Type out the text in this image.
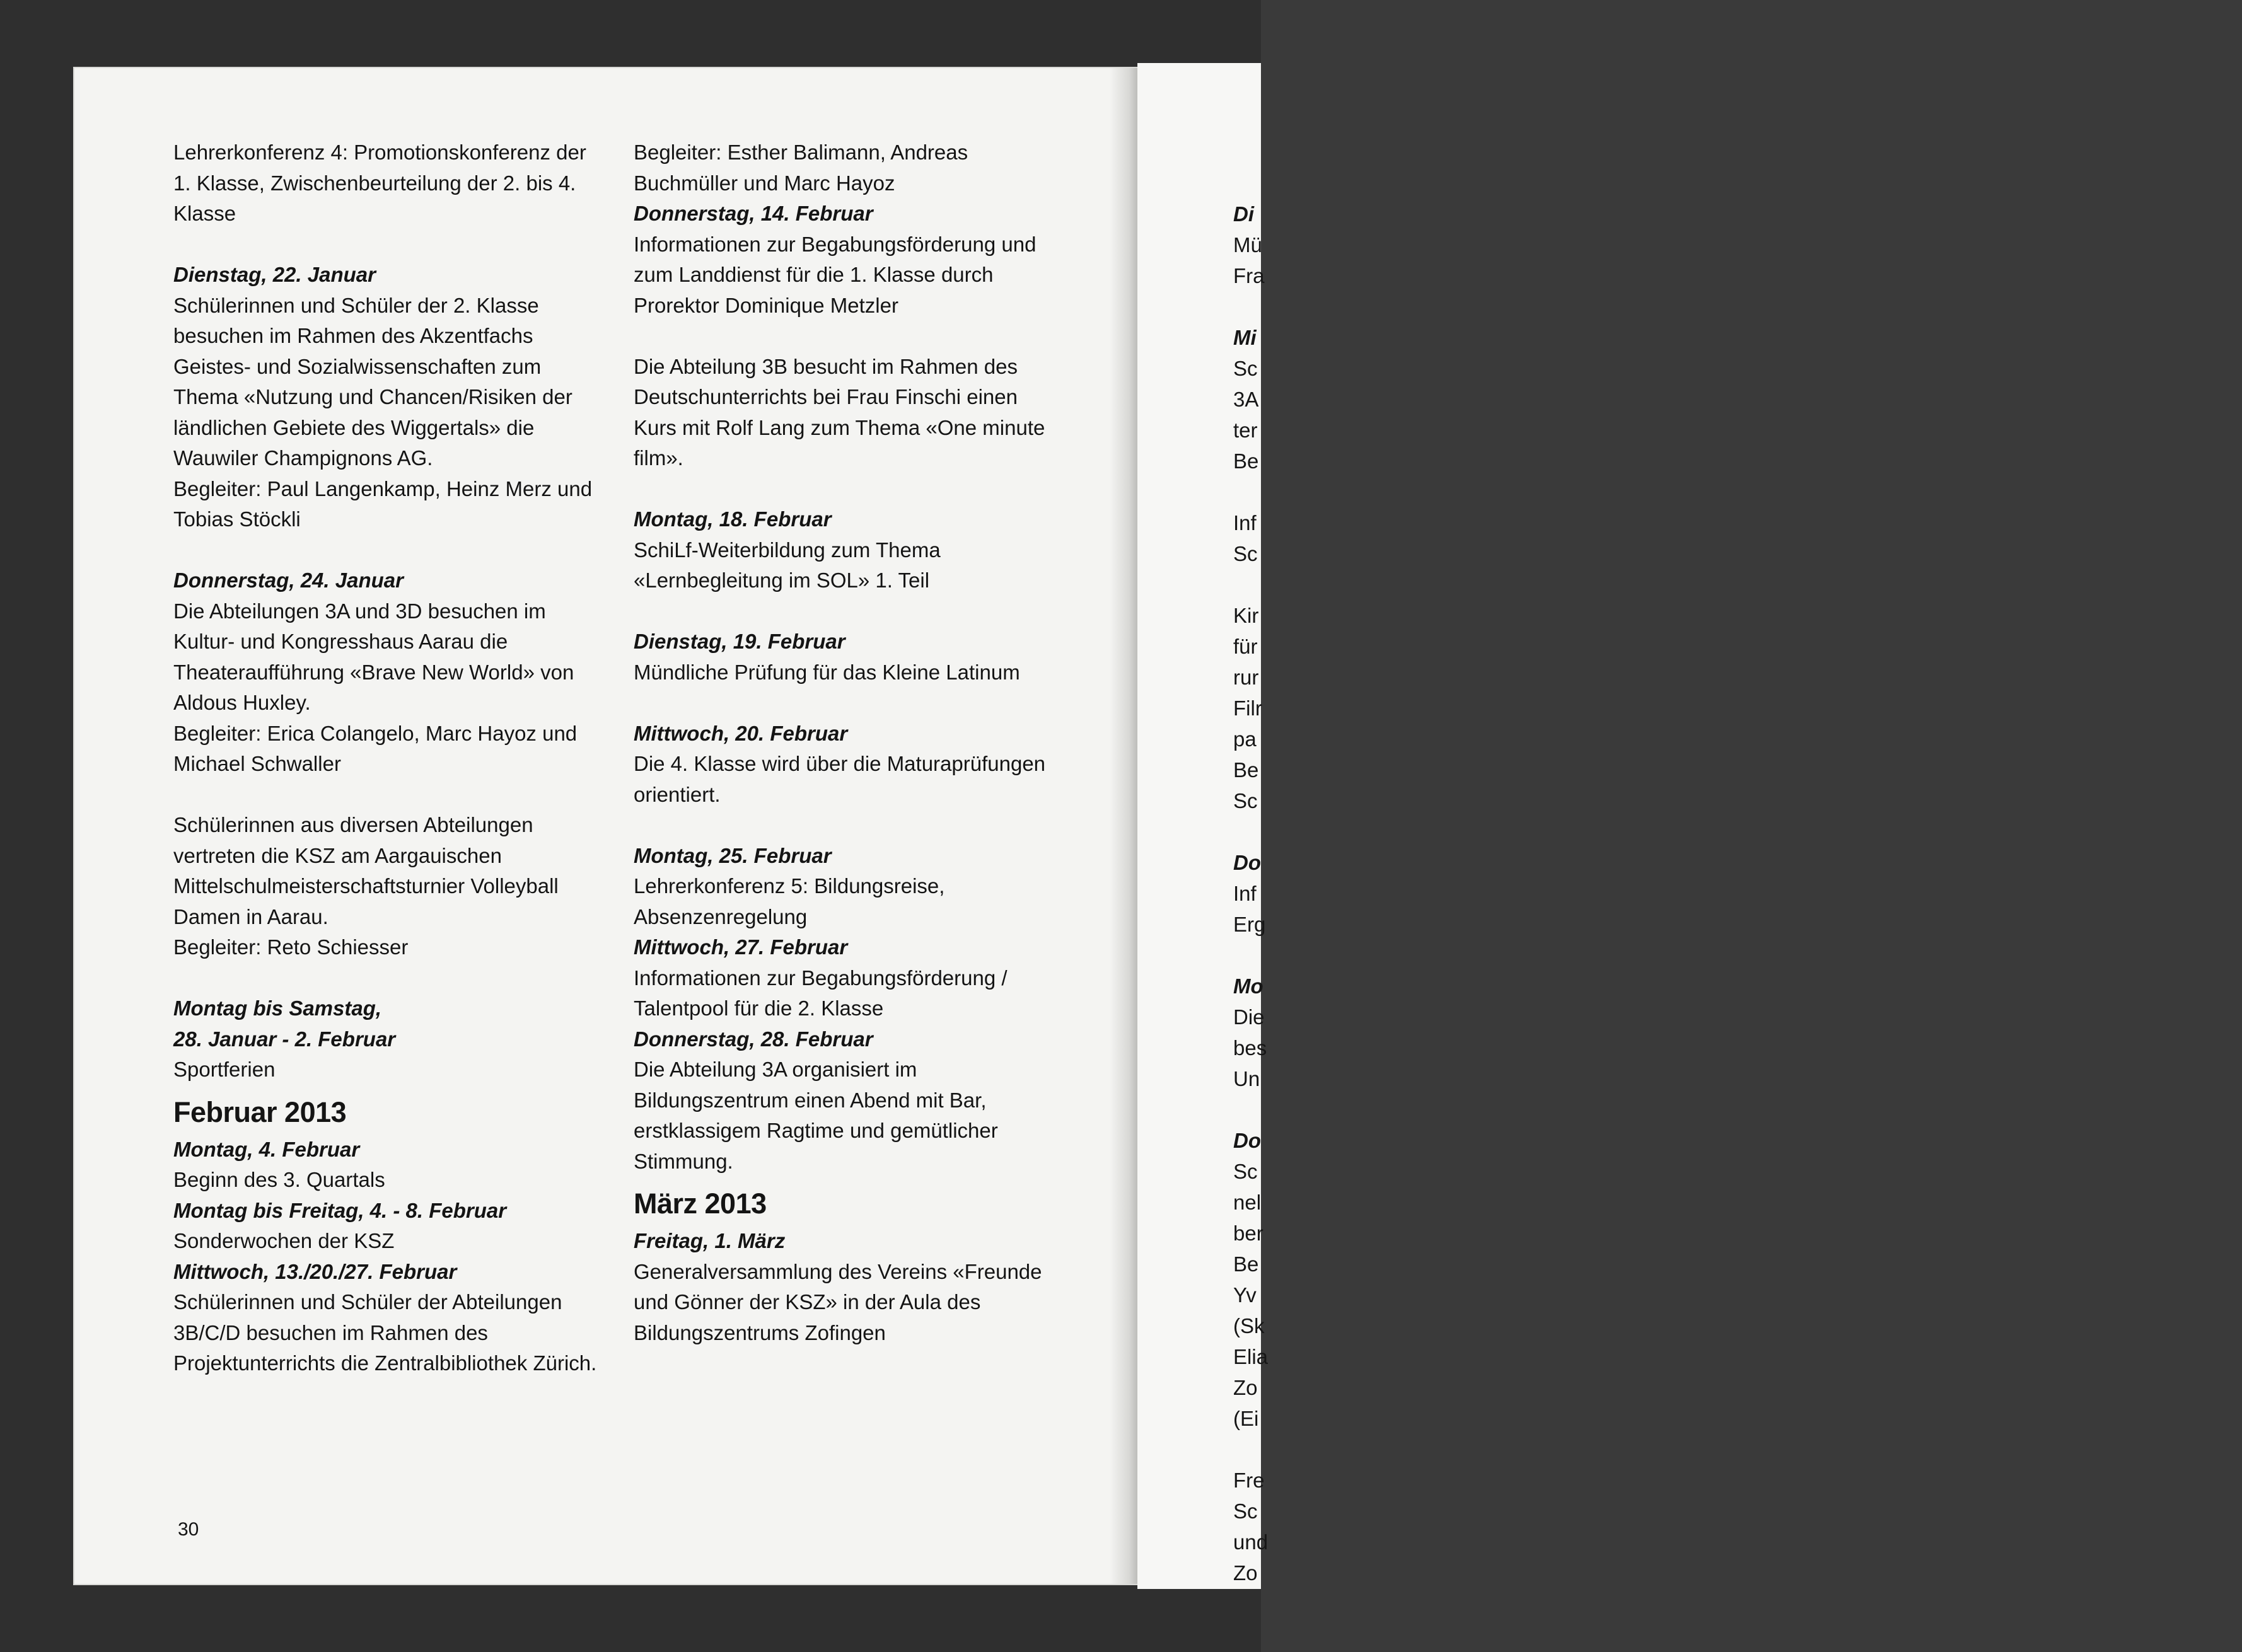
Lehrerkonferenz 4: Promotionskonferenz der 1. Klasse, Zwischenbeurteilung der 2. bis 4. Klasse

Dienstag, 22. Januar

Schülerinnen und Schüler der 2. Klasse besuchen im Rahmen des Akzentfachs Geistes- und Sozialwissenschaften zum Thema «Nutzung und Chancen/Risiken der ländlichen Gebiete des Wiggertals» die Wauwiler Champignons AG.

Begleiter: Paul Langenkamp, Heinz Merz und Tobias Stöckli

Donnerstag, 24. Januar

Die Abteilungen 3A und 3D besuchen im Kultur- und Kongresshaus Aarau die Theateraufführung «Brave New World» von Aldous Huxley.

Begleiter: Erica Colangelo, Marc Hayoz und Michael Schwaller

Schülerinnen aus diversen Abteilungen vertreten die KSZ am Aargauischen Mittelschulmeisterschaftsturnier Volleyball Damen in Aarau.

Begleiter: Reto Schiesser

Montag bis Samstag,

28. Januar - 2. Februar

Sportferien

Februar 2013

Montag, 4. Februar

Beginn des 3. Quartals

Montag bis Freitag, 4. - 8. Februar

Sonderwochen der KSZ

Mittwoch, 13./20./27. Februar

Schülerinnen und Schüler der Abteilungen 3B/C/D besuchen im Rahmen des Projektunterrichts die Zentralbibliothek Zürich.

Begleiter: Esther Balimann, Andreas Buchmüller und Marc Hayoz

Donnerstag, 14. Februar

Informationen zur Begabungsförderung und zum Landdienst für die 1. Klasse durch Prorektor Dominique Metzler

Die Abteilung 3B besucht im Rahmen des Deutschunterrichts bei Frau Finschi einen Kurs mit Rolf Lang zum Thema «One minute film».

Montag, 18. Februar

SchiLf-Weiterbildung zum Thema «Lernbegleitung im SOL» 1. Teil

Dienstag, 19. Februar

Mündliche Prüfung für das Kleine Latinum

Mittwoch, 20. Februar

Die 4. Klasse wird über die Maturaprüfungen orientiert.

Montag, 25. Februar

Lehrerkonferenz 5: Bildungsreise, Absenzenregelung

Mittwoch, 27. Februar

Informationen zur Begabungsförderung / Talentpool für die 2. Klasse

Donnerstag, 28. Februar

Die Abteilung 3A organisiert im Bildungszentrum einen Abend mit Bar, erstklassigem Ragtime und gemütlicher Stimmung.

März 2013

Freitag, 1. März

Generalversammlung des Vereins «Freunde und Gönner der KSZ» in der Aula des Bildungszentrums Zofingen

30

Di

Mü

Fra

Mi

Sc

3A

ter

Be

Inf

Sc

Kir

für

rur

Filr

pa

Be

Sc

Do

Inf

Erg

Mo

Die

bes

Un

Do

Sc

nel

ber

Be

Yv

(Sk

Elia

Zo

(Ei

Fre

Sc

und

Zo
